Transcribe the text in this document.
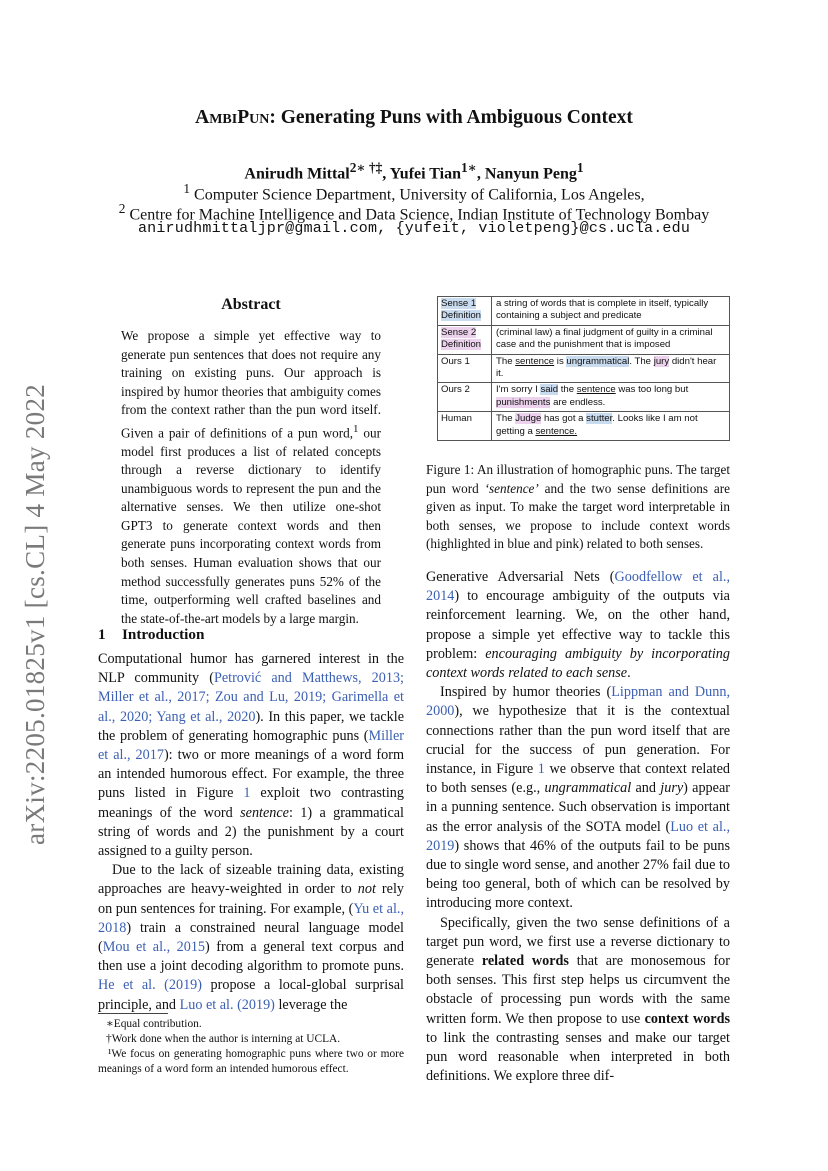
arXiv:2205.01825v1 [cs.CL] 4 May 2022
AmbiPun: Generating Puns with Ambiguous Context
Anirudh Mittal$^{2∗ \dagger\ddagger}$, Yufei Tian$^{1∗}$, Nanyun Peng$^1$
$^1$ Computer Science Department, University of California, Los Angeles,
$^2$ Centre for Machine Intelligence and Data Science, Indian Institute of Technology Bombay
anirudhmittaljpr@gmail.com, {yufeit, violetpeng}@cs.ucla.edu
Abstract

We propose a simple yet effective way to generate pun sentences that does not require any training on existing puns. Our approach is inspired by humor theories that ambiguity comes from the context rather than the pun word itself. Given a pair of definitions of a pun word,$^1$ our model first produces a list of related concepts through a reverse dictionary to identify unambiguous words to represent the pun and the alternative senses. We then utilize one-shot GPT3 to generate context words and then generate puns incorporating context words from both senses. Human evaluation shows that our method successfully generates puns 52% of the time, outperforming well crafted baselines and the state-of-the-art models by a large margin.

1 Introduction

Computational humor has garnered interest in the NLP community (Petrović and Matthews, 2013; Miller et al., 2017; Zou and Lu, 2019; Garimella et al., 2020; Yang et al., 2020). In this paper, we tackle the problem of generating homographic puns (Miller et al., 2017): two or more meanings of a word form an intended humorous effect. For example, the three puns listed in Figure 1 exploit two contrasting meanings of the word sentence: 1) a grammatical string of words and 2) the punishment by a court assigned to a guilty person.

Due to the lack of sizeable training data, existing approaches are heavy-weighted in order to not rely on pun sentences for training. For example, (Yu et al., 2018) train a constrained neural language model (Mou et al., 2015) from a general text corpus and then use a joint decoding algorithm to promote puns. He et al. (2019) propose a local-global surprisal principle, and Luo et al. (2019) leverage the

∗Equal contribution.
†Work done when the author is interning at UCLA.
¹We focus on generating homographic puns where two or more meanings of a word form an intended humorous effect.
Sense 1 Definition	a string of words that is complete in itself, typically containing a subject and predicate
Sense 2 Definition	(criminal law) a final judgment of guilty in a criminal case and the punishment that is imposed
Ours 1	The sentence is ungrammatical. The jury didn't hear it.
Ours 2	I'm sorry I said the sentence was too long but punishments are endless.
Human	The Judge has got a stutter. Looks like I am not getting a sentence.

Figure 1: An illustration of homographic puns. The target pun word ‘sentence’ and the two sense definitions are given as input. To make the target word interpretable in both senses, we propose to include context words (highlighted in blue and pink) related to both senses.

Generative Adversarial Nets (Goodfellow et al., 2014) to encourage ambiguity of the outputs via reinforcement learning. We, on the other hand, propose a simple yet effective way to tackle this problem: encouraging ambiguity by incorporating context words related to each sense.

Inspired by humor theories (Lippman and Dunn, 2000), we hypothesize that it is the contextual connections rather than the pun word itself that are crucial for the success of pun generation. For instance, in Figure 1 we observe that context related to both senses (e.g., ungrammatical and jury) appear in a punning sentence. Such observation is important as the error analysis of the SOTA model (Luo et al., 2019) shows that 46% of the outputs fail to be puns due to single word sense, and another 27% fail due to being too general, both of which can be resolved by introducing more context.

Specifically, given the two sense definitions of a target pun word, we first use a reverse dictionary to generate related words that are monosemous for both senses. This first step helps us circumvent the obstacle of processing pun words with the same written form. We then propose to use context words to link the contrasting senses and make our target pun word reasonable when interpreted in both definitions. We explore three dif-
